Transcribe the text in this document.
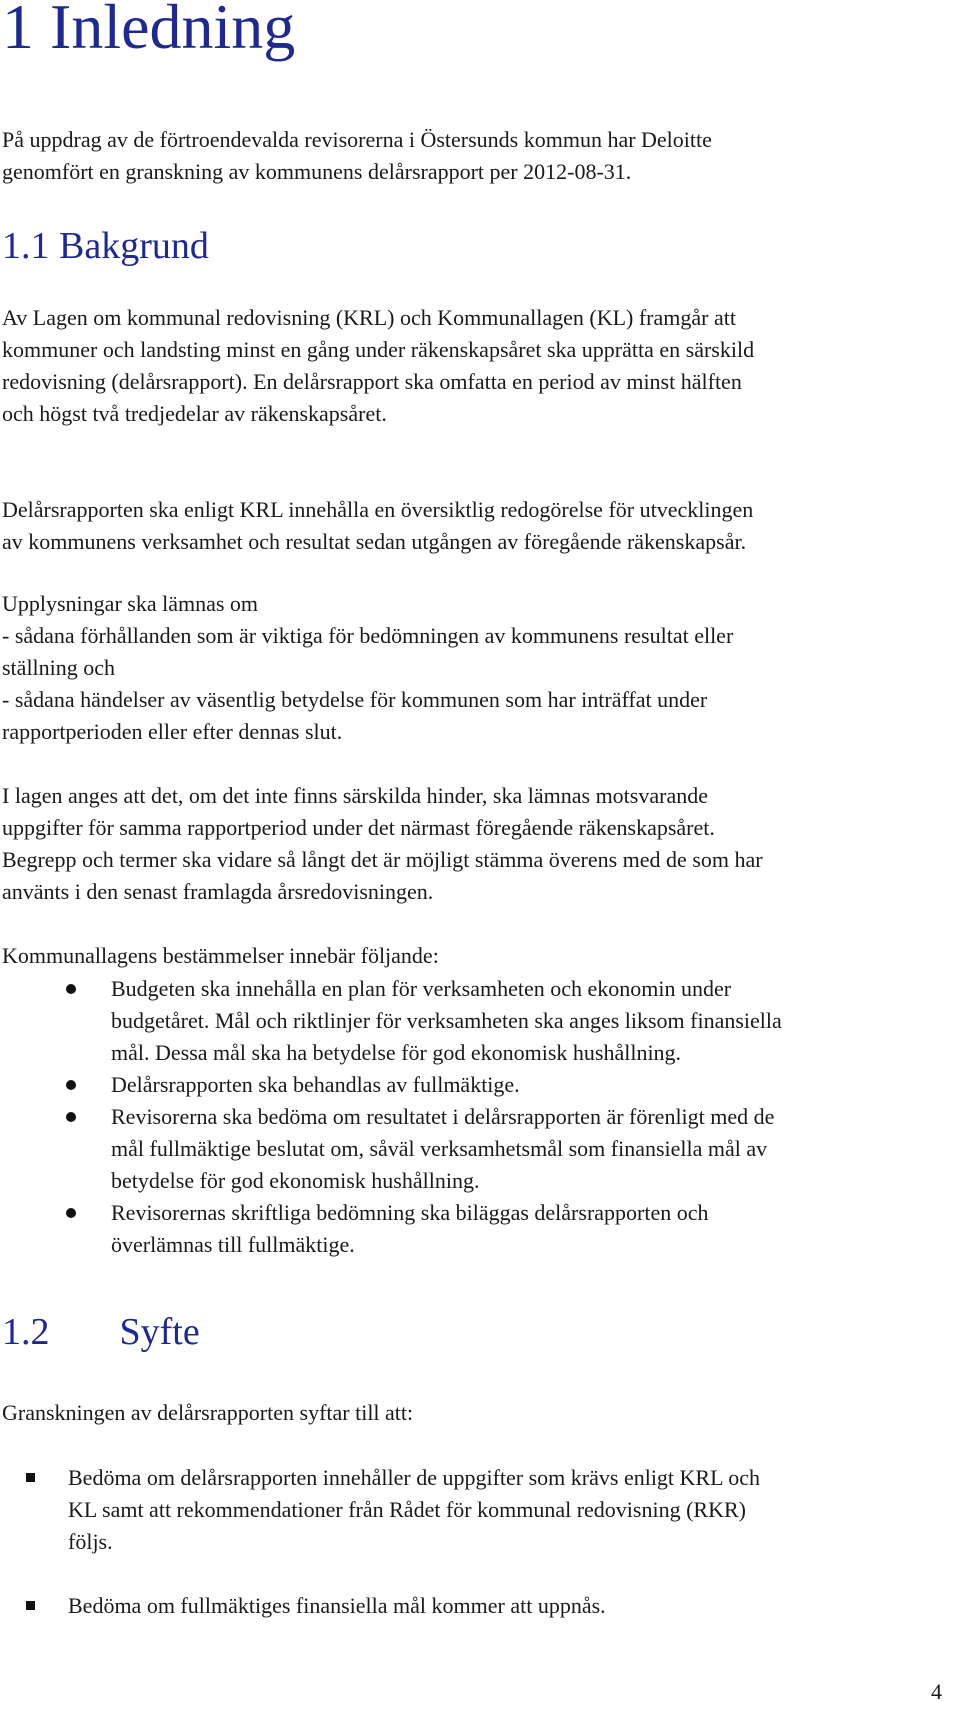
1 Inledning

På uppdrag av de förtroendevalda revisorerna i Östersunds kommun har Deloitte
genomfört en granskning av kommunens delårsrapport per 2012-08-31.

1.1 Bakgrund

Av Lagen om kommunal redovisning (KRL) och Kommunallagen (KL) framgår att
kommuner och landsting minst en gång under räkenskapsåret ska upprätta en särskild
redovisning (delårsrapport). En delårsrapport ska omfatta en period av minst hälften
och högst två tredjedelar av räkenskapsåret.

Delårsrapporten ska enligt KRL innehålla en översiktlig redogörelse för utvecklingen
av kommunens verksamhet och resultat sedan utgången av föregående räkenskapsår.

Upplysningar ska lämnas om
- sådana förhållanden som är viktiga för bedömningen av kommunens resultat eller
ställning och
- sådana händelser av väsentlig betydelse för kommunen som har inträffat under
rapportperioden eller efter dennas slut.

I lagen anges att det, om det inte finns särskilda hinder, ska lämnas motsvarande
uppgifter för samma rapportperiod under det närmast föregående räkenskapsåret.
Begrepp och termer ska vidare så långt det är möjligt stämma överens med de som har
använts i den senast framlagda årsredovisningen.

Kommunallagens bestämmelser innebär följande:

Budgeten ska innehålla en plan för verksamheten och ekonomin under
budgetåret. Mål och riktlinjer för verksamheten ska anges liksom finansiella
mål. Dessa mål ska ha betydelse för god ekonomisk hushållning.
Delårsrapporten ska behandlas av fullmäktige.
Revisorerna ska bedöma om resultatet i delårsrapporten är förenligt med de
mål fullmäktige beslutat om, såväl verksamhetsmål som finansiella mål av
betydelse för god ekonomisk hushållning.
Revisorernas skriftliga bedömning ska biläggas delårsrapporten och
överlämnas till fullmäktige.
1.2 Syfte

Granskningen av delårsrapporten syftar till att:

Bedöma om delårsrapporten innehåller de uppgifter som krävs enligt KRL och
KL samt att rekommendationer från Rådet för kommunal redovisning (RKR)
följs.
Bedöma om fullmäktiges finansiella mål kommer att uppnås.
4
